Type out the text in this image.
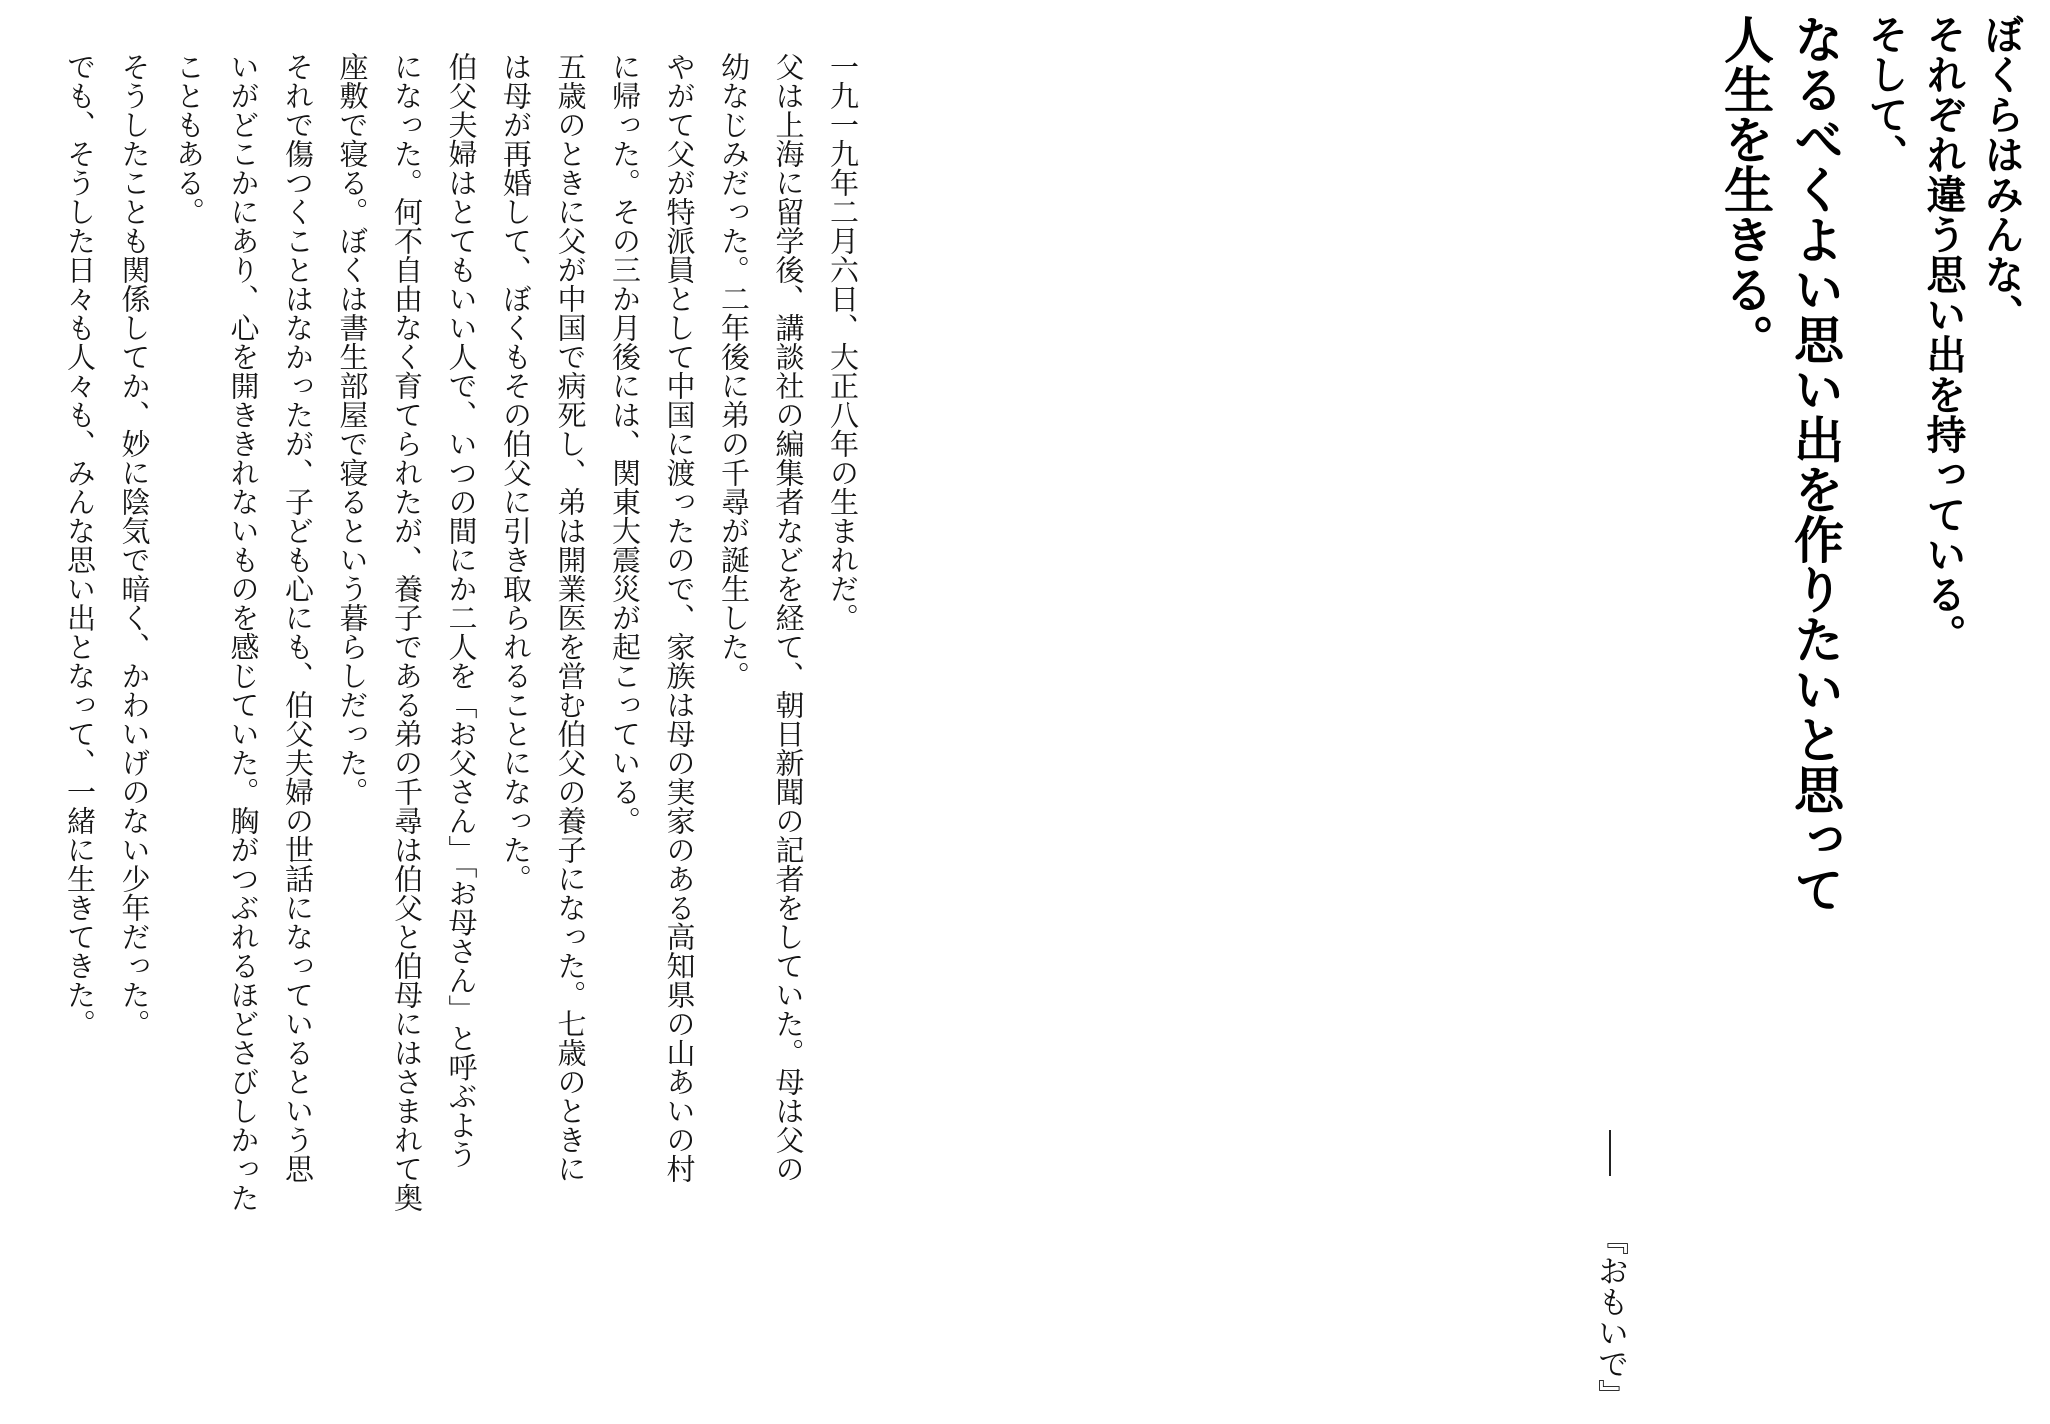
ぼくらはみんな、

それぞれ違う思い出を持っている。

そして、

なるべくよい思い出を作りたいと思って

人生を生きる。

『おもいで』

一九一九年二月六日、大正八年の生まれだ。

父は上海に留学後、講談社の編集者などを経て、朝日新聞の記者をしていた。母は父の

幼なじみだった。二年後に弟の千尋が誕生した。

やがて父が特派員として中国に渡ったので、家族は母の実家のある高知県の山あいの村

に帰った。その三か月後には、関東大震災が起こっている。

五歳のときに父が中国で病死し、弟は開業医を営む伯父の養子になった。七歳のときに

は母が再婚して、ぼくもその伯父に引き取られることになった。

伯父夫婦はとてもいい人で、いつの間にか二人を「お父さん」「お母さん」と呼ぶよう

になった。何不自由なく育てられたが、養子である弟の千尋は伯父と伯母にはさまれて奥

座敷で寝る。ぼくは書生部屋で寝るという暮らしだった。

それで傷つくことはなかったが、子ども心にも、伯父夫婦の世話になっているという思

いがどこかにあり、心を開ききれないものを感じていた。胸がつぶれるほどさびしかった

こともある。

そうしたことも関係してか、妙に陰気で暗く、かわいげのない少年だった。

でも、そうした日々も人々も、みんな思い出となって、一緒に生きてきた。
